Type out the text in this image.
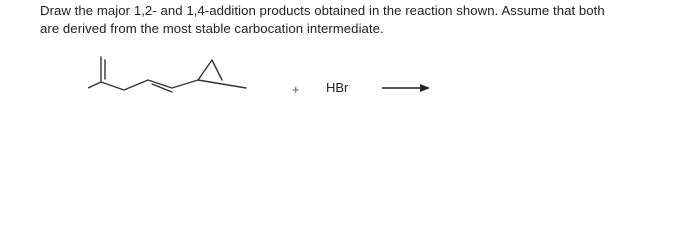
Draw the major 1,2- and 1,4-addition products obtained in the reaction shown. Assume that both
are derived from the most stable carbocation intermediate.
+ HBr
